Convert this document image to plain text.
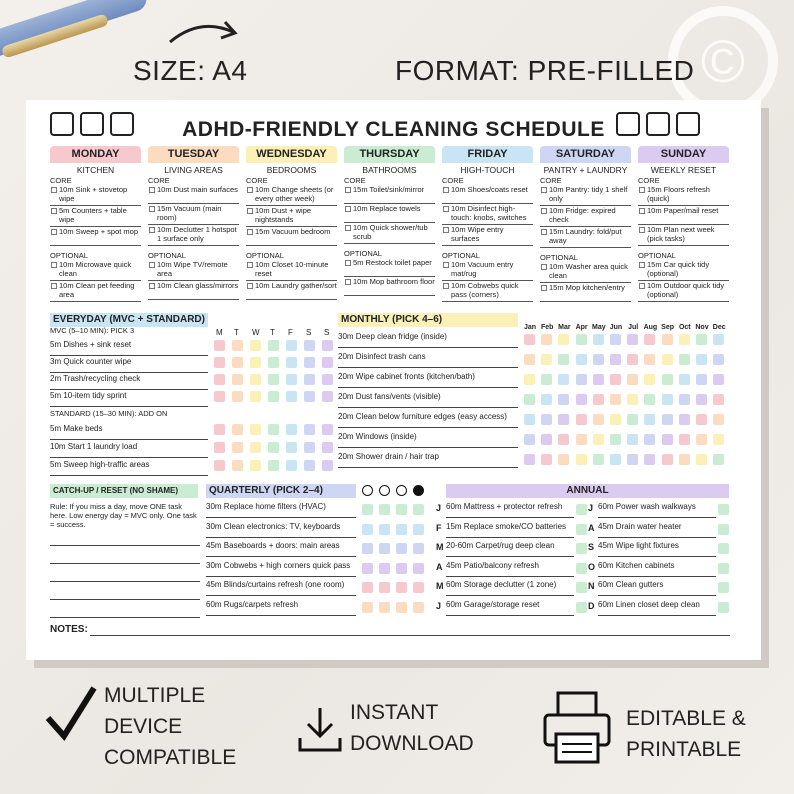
©
SIZE: A4	FORMAT: PRE-FILLED
ADHD-FRIENDLY CLEANING SCHEDULE
MONDAY
KITCHEN
CORE
10m Sink + stovetop wipe
5m Counters + table wipe
10m Sweep + spot mop
OPTIONAL
10m Microwave quick clean
10m Clean pet feeding area
TUESDAY
LIVING AREAS
CORE
10m Dust main surfaces
15m Vacuum (main room)
10m Declutter 1 hotspot 1 surface only
OPTIONAL
10m Wipe TV/remote area
10m Clean glass/mirrors
WEDNESDAY
BEDROOMS
CORE
10m Change sheets (or every other week)
10m Dust + wipe nightstands
15m Vacuum bedroom
OPTIONAL
10m Closet 10-minute reset
10m Laundry gather/sort
THURSDAY
BATHROOMS
CORE
15m Toilet/sink/mirror
10m Replace towels
10m Quick shower/tub scrub
OPTIONAL
5m Restock toilet paper
10m Mop bathroom floor
FRIDAY
HIGH-TOUCH
CORE
10m Shoes/coats reset
10m Disinfect high-touch: knobs, switches
10m Wipe entry surfaces
OPTIONAL
10m Vacuum entry mat/rug
10m Cobwebs quick pass (corners)
SATURDAY
PANTRY + LAUNDRY
CORE
10m Pantry: tidy 1 shelf only
10m Fridge: expired check
15m Laundry: fold/put away
OPTIONAL
10m Washer area quick clean
15m Mop kitchen/entry
SUNDAY
WEEKLY RESET
CORE
15m Floors refresh (quick)
10m Paper/mail reset
10m Plan next week (pick tasks)
OPTIONAL
15m Car quick tidy (optional)
10m Outdoor quick tidy (optional)
EVERYDAY (MVC + STANDARD)
MVC (5–10 MIN): PICK 3	M T W T F S S
5m Dishes + sink reset
3m Quick counter wipe
2m Trash/recycling check
5m 10-item tidy sprint
STANDARD (15–30 MIN): ADD ON
5m Make beds
10m Start 1 laundry load
5m Sweep high-traffic areas
MONTHLY (PICK 4–6)
Jan Feb Mar Apr May Jun Jul Aug Sep Oct Nov Dec
30m Deep clean fridge (inside)
20m Disinfect trash cans
20m Wipe cabinet fronts (kitchen/bath)
20m Dust fans/vents (visible)
20m Clean below furniture edges (easy access)
20m Windows (inside)
20m Shower drain / hair trap
CATCH-UP / RESET (NO SHAME)
Rule: If you miss a day, move ONE task here. Low energy day = MVC only. One task = success.
QUARTERLY (PICK 2–4)
30m Replace home filters (HVAC)
30m Clean electronics: TV, keyboards
45m Baseboards + doors: main areas
30m Cobwebs + high corners quick pass
45m Blinds/curtains refresh (one room)
60m Rugs/carpets refresh
ANNUAL
J 60m Mattress + protector refresh
F 15m Replace smoke/CO batteries
M 20-60m Carpet/rug deep clean
A 45m Patio/balcony refresh
M 60m Storage declutter (1 zone)
J 60m Garage/storage reset
J 60m Power wash walkways
A 45m Drain water heater
S 45m Wipe light fixtures
O 60m Kitchen cabinets
N 60m Clean gutters
D 60m Linen closet deep clean
NOTES:
MULTIPLE
DEVICE
COMPATIBLE
INSTANT
DOWNLOAD
EDITABLE &
PRINTABLE
